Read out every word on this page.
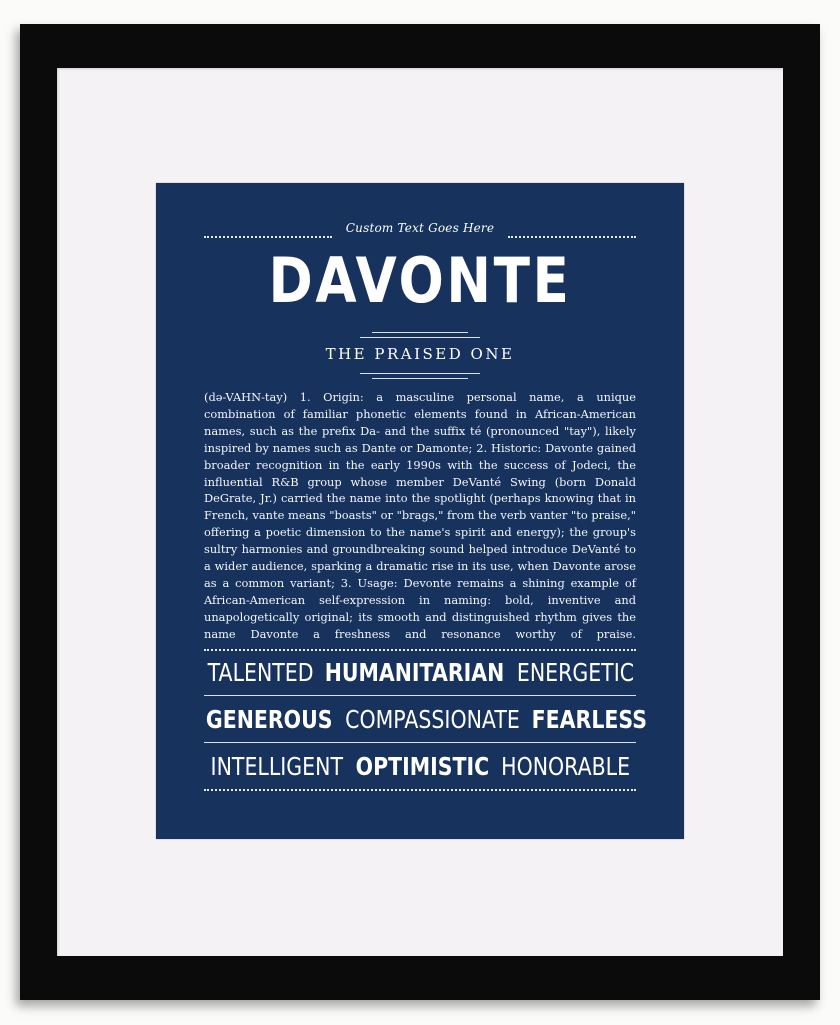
Custom Text Goes Here
DAVONTE
THE PRAISED ONE
(də-VAHN-tay) 1. Origin: a masculine personal name, a unique combination of familiar phonetic elements found in African-American names, such as the prefix Da- and the suffix té (pronounced "tay"), likely inspired by names such as Dante or Damonte; 2. Historic: Davonte gained broader recognition in the early 1990s with the success of Jodeci, the influential R&B group whose member DeVanté Swing (born Donald DeGrate, Jr.) carried the name into the spotlight (perhaps knowing that in French, vante means "boasts" or "brags," from the verb vanter "to praise," offering a poetic dimension to the name's spirit and energy); the group's sultry harmonies and groundbreaking sound helped introduce DeVanté to a wider audience, sparking a dramatic rise in its use, when Davonte arose as a common variant; 3. Usage: Devonte remains a shining example of African-American self-expression in naming: bold, inventive and unapologetically original; its smooth and distinguished rhythm gives the name Davonte a freshness and resonance worthy of praise.
TALENTED HUMANITARIAN ENERGETIC
GENEROUS COMPASSIONATE FEARLESS
INTELLIGENT OPTIMISTIC HONORABLE
